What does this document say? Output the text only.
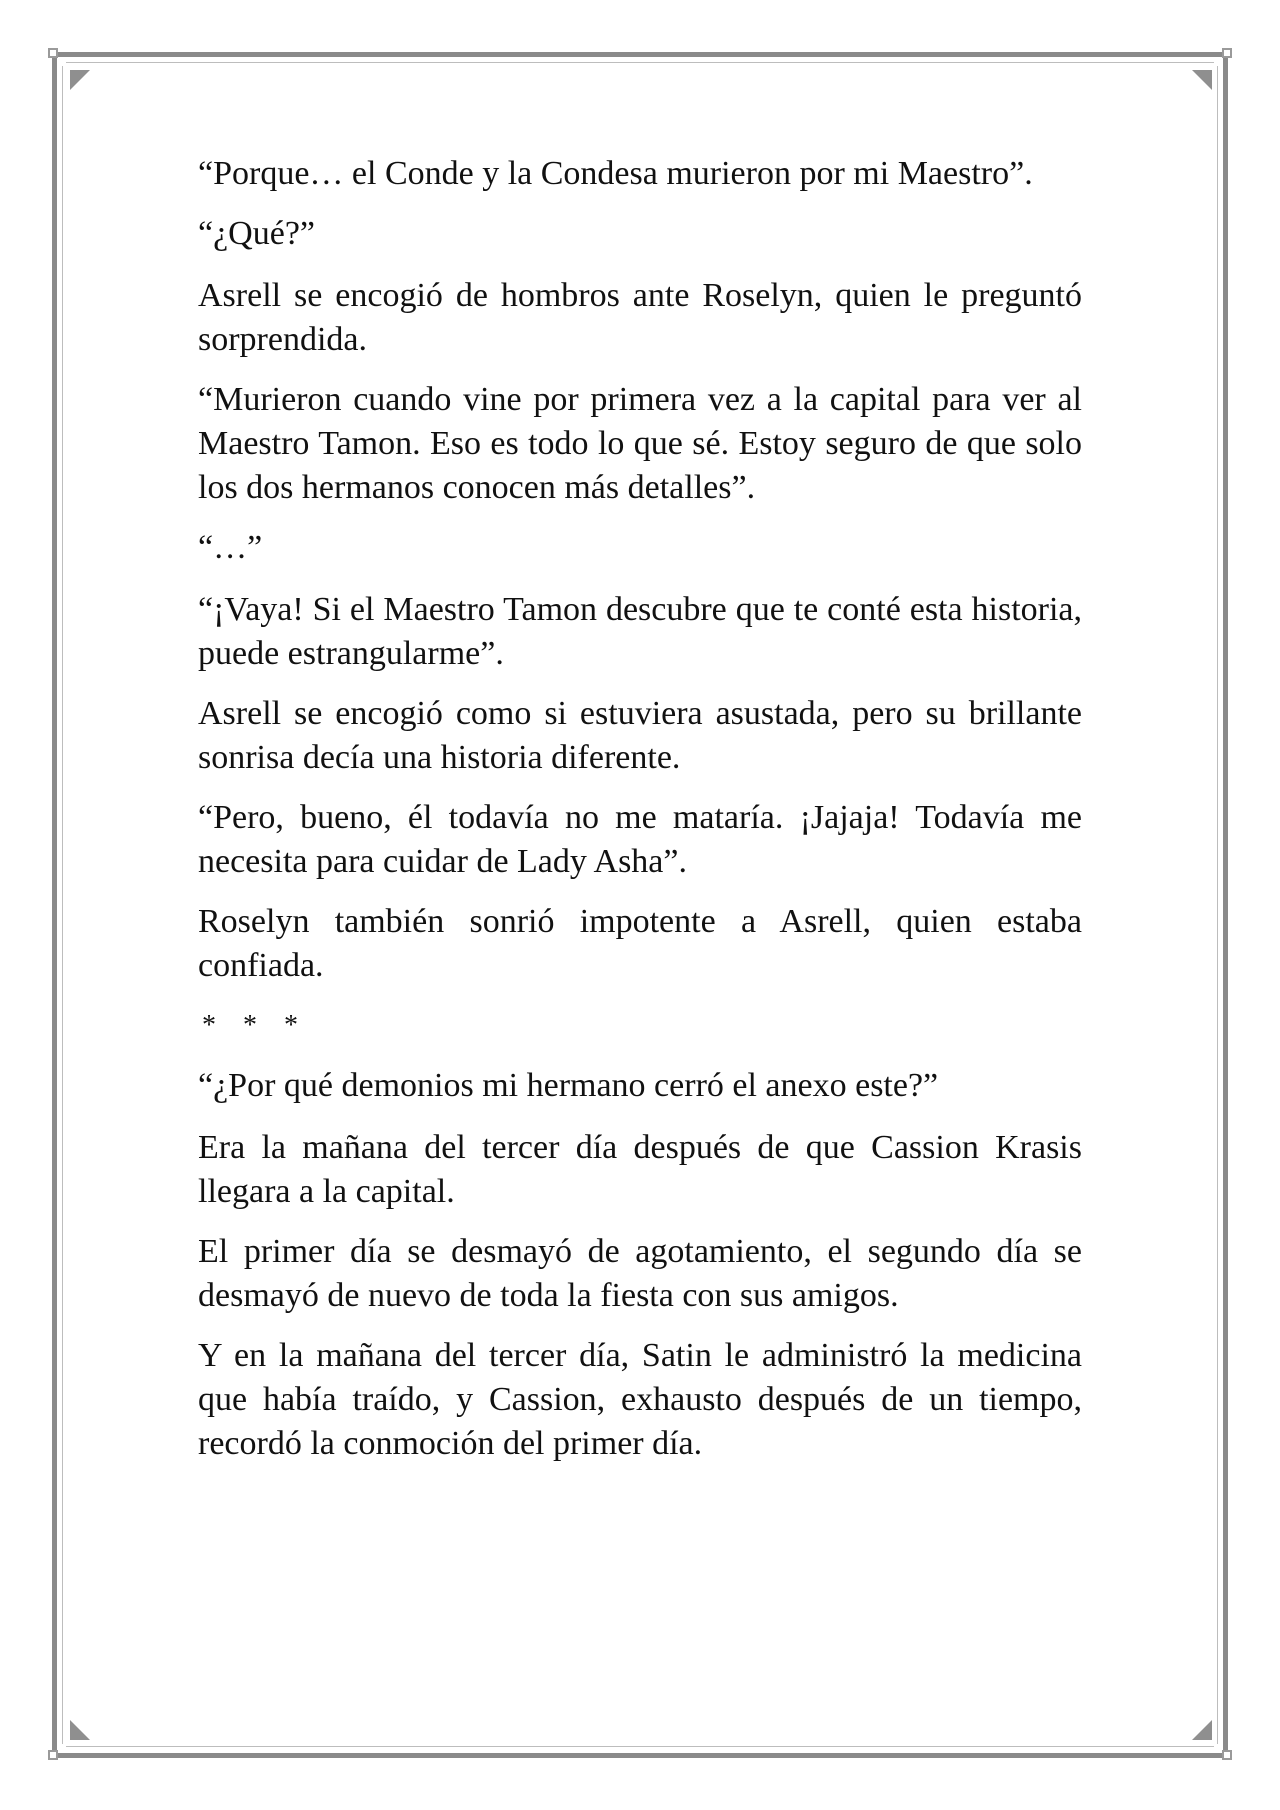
“Porque… el Conde y la Condesa murieron por mi Maestro”.

“¿Qué?”

Asrell se encogió de hombros ante Roselyn, quien le preguntó sorprendida.

“Murieron cuando vine por primera vez a la capital para ver al Maestro Tamon. Eso es todo lo que sé. Estoy seguro de que solo los dos hermanos conocen más detalles”.

“…”

“¡Vaya! Si el Maestro Tamon descubre que te conté esta historia, puede estrangularme”.

Asrell se encogió como si estuviera asustada, pero su brillante sonrisa decía una historia diferente.

“Pero, bueno, él todavía no me mataría. ¡Jajaja! Todavía me necesita para cuidar de Lady Asha”.

Roselyn también sonrió impotente a Asrell, quien estaba confiada.

* * *

“¿Por qué demonios mi hermano cerró el anexo este?”

Era la mañana del tercer día después de que Cassion Krasis llegara a la capital.

El primer día se desmayó de agotamiento, el segundo día se desmayó de nuevo de toda la fiesta con sus amigos.

Y en la mañana del tercer día, Satin le administró la medicina que había traído, y Cassion, exhausto después de un tiempo, recordó la conmoción del primer día.
